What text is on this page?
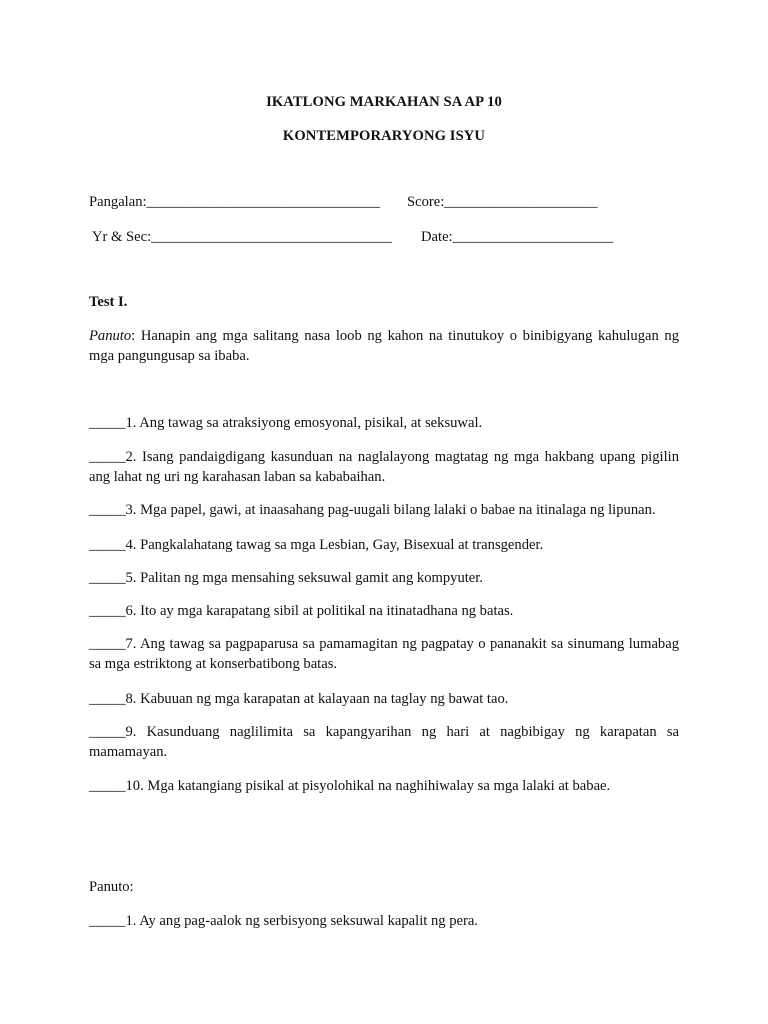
IKATLONG MARKAHAN SA AP 10
KONTEMPORARYONG ISYU
Pangalan:________________________________ Score:_____________________
Yr & Sec:_________________________________ Date:______________________
Test I.
Panuto: Hanapin ang mga salitang nasa loob ng kahon na tinutukoy o binibigyang kahulugan ng mga pangungusap sa ibaba.
_____1. Ang tawag sa atraksiyong emosyonal, pisikal, at seksuwal.
_____2. Isang pandaigdigang kasunduan na naglalayong magtatag ng mga hakbang upang pigilin ang lahat ng uri ng karahasan laban sa kababaihan.
_____3. Mga papel, gawi, at inaasahang pag-uugali bilang lalaki o babae na itinalaga ng lipunan.
_____4. Pangkalahatang tawag sa mga Lesbian, Gay, Bisexual at transgender.
_____5. Palitan ng mga mensahing seksuwal gamit ang kompyuter.
_____6. Ito ay mga karapatang sibil at politikal na itinatadhana ng batas.
_____7. Ang tawag sa pagpaparusa sa pamamagitan ng pagpatay o pananakit sa sinumang lumabag sa mga estriktong at konserbatibong batas.
_____8. Kabuuan ng mga karapatan at kalayaan na taglay ng bawat tao.
_____9. Kasunduang naglilimita sa kapangyarihan ng hari at nagbibigay ng karapatan sa mamamayan.
_____10. Mga katangiang pisikal at pisyolohikal na naghihiwalay sa mga lalaki at babae.
Panuto:
_____1. Ay ang pag-aalok ng serbisyong seksuwal kapalit ng pera.
